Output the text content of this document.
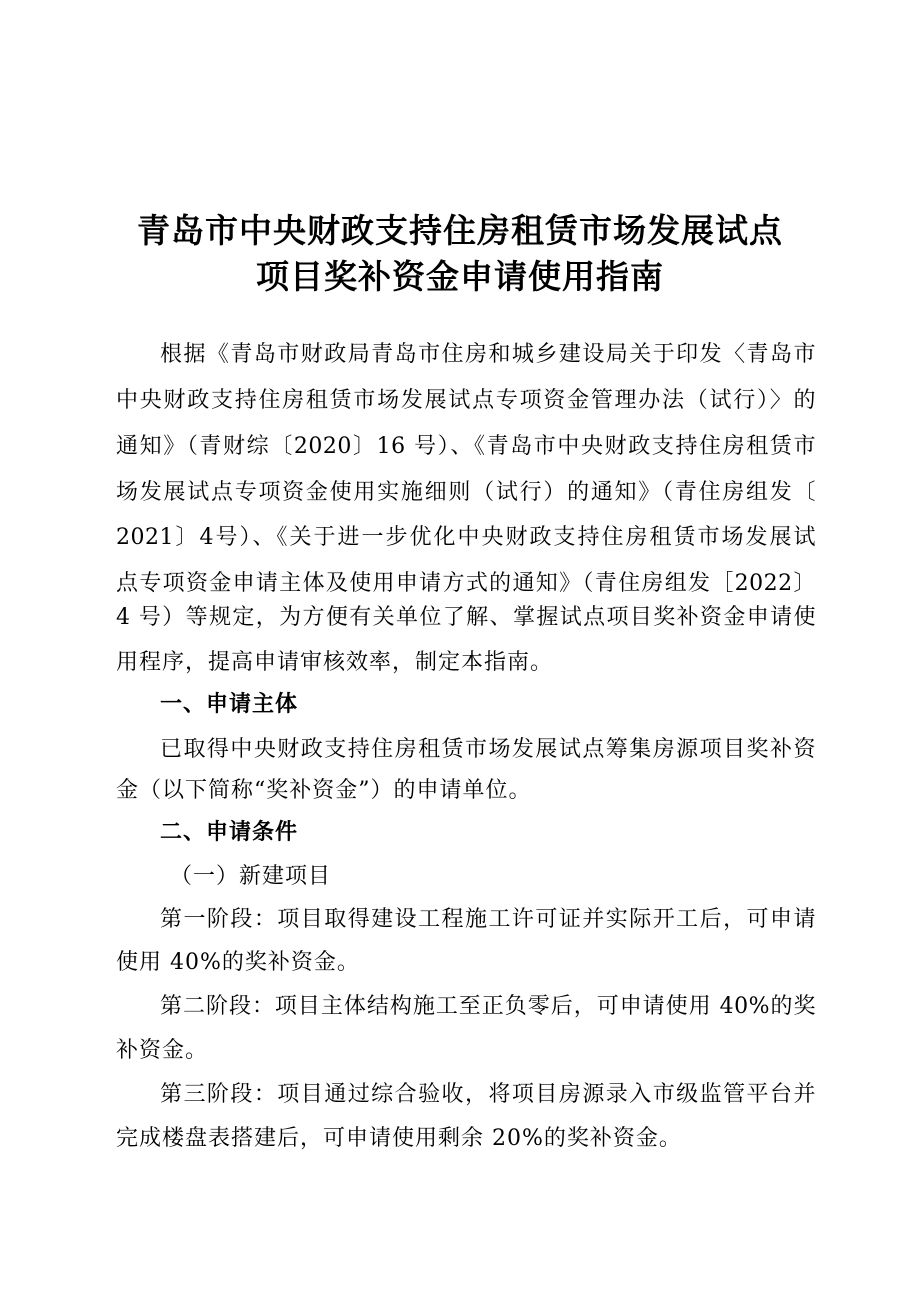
青岛市中央财政支持住房租赁市场发展试点
项目奖补资金申请使用指南
根据《青岛市财政局青岛市住房和城乡建设局关于印发〈青岛市
中央财政支持住房租赁市场发展试点专项资金管理办法（试行）〉的
通知》（青财综〔2020〕16 号）、《青岛市中央财政支持住房租赁市
场发展试点专项资金使用实施细则（试行）的通知》（青住房组发〔
2021〕4号）、《关于进一步优化中央财政支持住房租赁市场发展试
点专项资金申请主体及使用申请方式的通知》（青住房组发［2022〕
4 号）等规定，为方便有关单位了解、掌握试点项目奖补资金申请使
用程序，提高申请审核效率，制定本指南。
一、申请主体
已取得中央财政支持住房租赁市场发展试点筹集房源项目奖补资
金（以下简称“奖补资金”）的申请单位。
二、申请条件
（一）新建项目
第一阶段：项目取得建设工程施工许可证并实际开工后，可申请
使用 40%的奖补资金。
第二阶段：项目主体结构施工至正负零后，可申请使用 40%的奖
补资金。
第三阶段：项目通过综合验收，将项目房源录入市级监管平台并
完成楼盘表搭建后，可申请使用剩余 20%的奖补资金。
